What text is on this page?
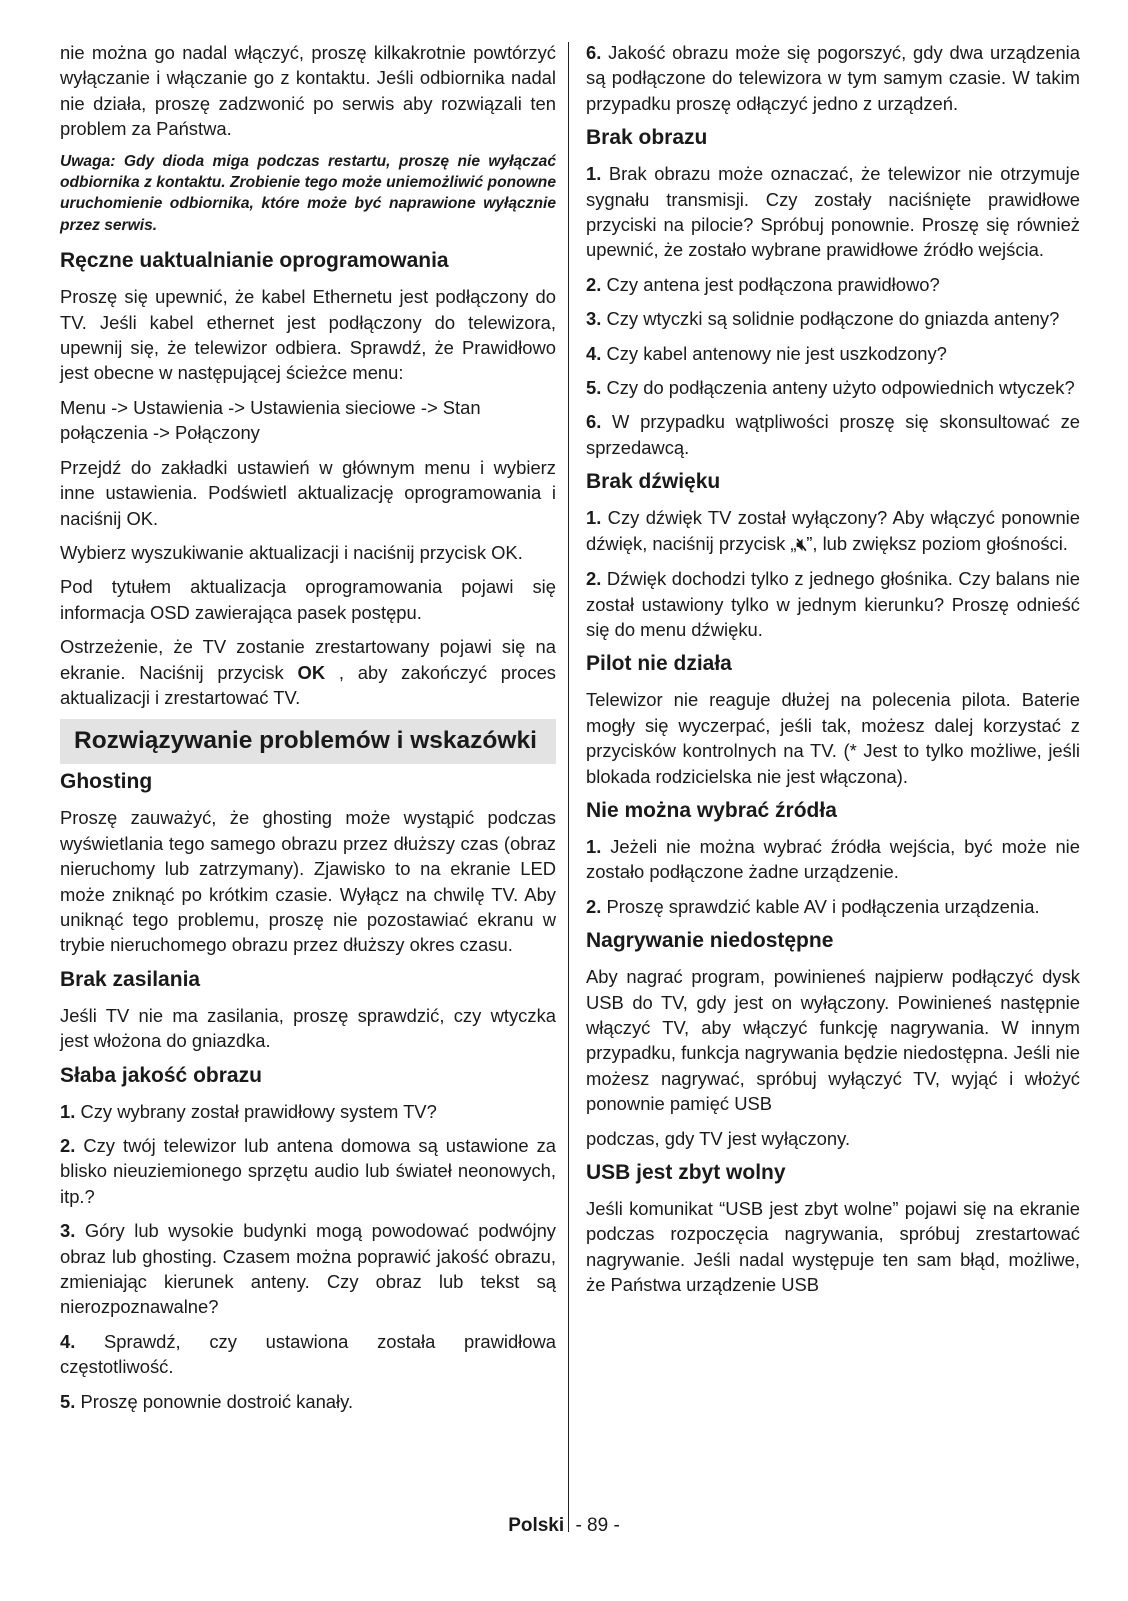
nie można go nadal włączyć, proszę kilkakrotnie powtórzyć wyłączanie i włączanie go z kontaktu. Jeśli odbiornika nadal nie działa, proszę zadzwonić po serwis aby rozwiązali ten problem za Państwa.

Uwaga: Gdy dioda miga podczas restartu, proszę nie wyłączać odbiornika z kontaktu. Zrobienie tego może uniemożliwić ponowne uruchomienie odbiornika, które może być naprawione wyłącznie przez serwis.

Ręczne uaktualnianie oprogramowania

Proszę się upewnić, że kabel Ethernetu jest podłączony do TV. Jeśli kabel ethernet jest podłączony do telewizora, upewnij się, że telewizor odbiera. Sprawdź, że Prawidłowo jest obecne w następującej ścieżce menu:

Menu -> Ustawienia -> Ustawienia sieciowe -> Stan połączenia -> Połączony

Przejdź do zakładki ustawień w głównym menu i wybierz inne ustawienia. Podświetl aktualizację oprogramowania i naciśnij OK.

Wybierz wyszukiwanie aktualizacji i naciśnij przycisk OK.

Pod tytułem aktualizacja oprogramowania pojawi się informacja OSD zawierająca pasek postępu.

Ostrzeżenie, że TV zostanie zrestartowany pojawi się na ekranie. Naciśnij przycisk OK , aby zakończyć proces aktualizacji i zrestartować TV.

Rozwiązywanie problemów i wskazówki
Ghosting

Proszę zauważyć, że ghosting może wystąpić podczas wyświetlania tego samego obrazu przez dłuższy czas (obraz nieruchomy lub zatrzymany). Zjawisko to na ekranie LED może zniknąć po krótkim czasie. Wyłącz na chwilę TV. Aby uniknąć tego problemu, proszę nie pozostawiać ekranu w trybie nieruchomego obrazu przez dłuższy okres czasu.

Brak zasilania

Jeśli TV nie ma zasilania, proszę sprawdzić, czy wtyczka jest włożona do gniazdka.

Słaba jakość obrazu

1. Czy wybrany został prawidłowy system TV?

2. Czy twój telewizor lub antena domowa są ustawione za blisko nieuziemionego sprzętu audio lub świateł neonowych, itp.?

3. Góry lub wysokie budynki mogą powodować podwójny obraz lub ghosting. Czasem można poprawić jakość obrazu, zmieniając kierunek anteny. Czy obraz lub tekst są nierozpoznawalne?

4. Sprawdź, czy ustawiona została prawidłowa częstotliwość.

5. Proszę ponownie dostroić kanały.

6. Jakość obrazu może się pogorszyć, gdy dwa urządzenia są podłączone do telewizora w tym samym czasie. W takim przypadku proszę odłączyć jedno z urządzeń.

Brak obrazu

1. Brak obrazu może oznaczać, że telewizor nie otrzymuje sygnału transmisji. Czy zostały naciśnięte prawidłowe przyciski na pilocie? Spróbuj ponownie. Proszę się również upewnić, że zostało wybrane prawidłowe źródło wejścia.

2. Czy antena jest podłączona prawidłowo?

3. Czy wtyczki są solidnie podłączone do gniazda anteny?

4. Czy kabel antenowy nie jest uszkodzony?

5. Czy do podłączenia anteny użyto odpowiednich wtyczek?

6. W przypadku wątpliwości proszę się skonsultować ze sprzedawcą.

Brak dźwięku

1. Czy dźwięk TV został wyłączony? Aby włączyć ponownie dźwięk, naciśnij przycisk „🔇︎”, lub zwiększ poziom głośności.

2. Dźwięk dochodzi tylko z jednego głośnika. Czy balans nie został ustawiony tylko w jednym kierunku? Proszę odnieść się do menu dźwięku.

Pilot nie działa

Telewizor nie reaguje dłużej na polecenia pilota. Baterie mogły się wyczerpać, jeśli tak, możesz dalej korzystać z przycisków kontrolnych na TV. (* Jest to tylko możliwe, jeśli blokada rodzicielska nie jest włączona).

Nie można wybrać źródła

1. Jeżeli nie można wybrać źródła wejścia, być może nie zostało podłączone żadne urządzenie.

2. Proszę sprawdzić kable AV i podłączenia urządzenia.

Nagrywanie niedostępne

Aby nagrać program, powinieneś najpierw podłączyć dysk USB do TV, gdy jest on wyłączony. Powinieneś następnie włączyć TV, aby włączyć funkcję nagrywania. W innym przypadku, funkcja nagrywania będzie niedostępna. Jeśli nie możesz nagrywać, spróbuj wyłączyć TV, wyjąć i włożyć ponownie pamięć USB

podczas, gdy TV jest wyłączony.

USB jest zbyt wolny

Jeśli komunikat “USB jest zbyt wolne” pojawi się na ekranie podczas rozpoczęcia nagrywania, spróbuj zrestartować nagrywanie. Jeśli nadal występuje ten sam błąd, możliwe, że Państwa urządzenie USB

Polski - 89 -
